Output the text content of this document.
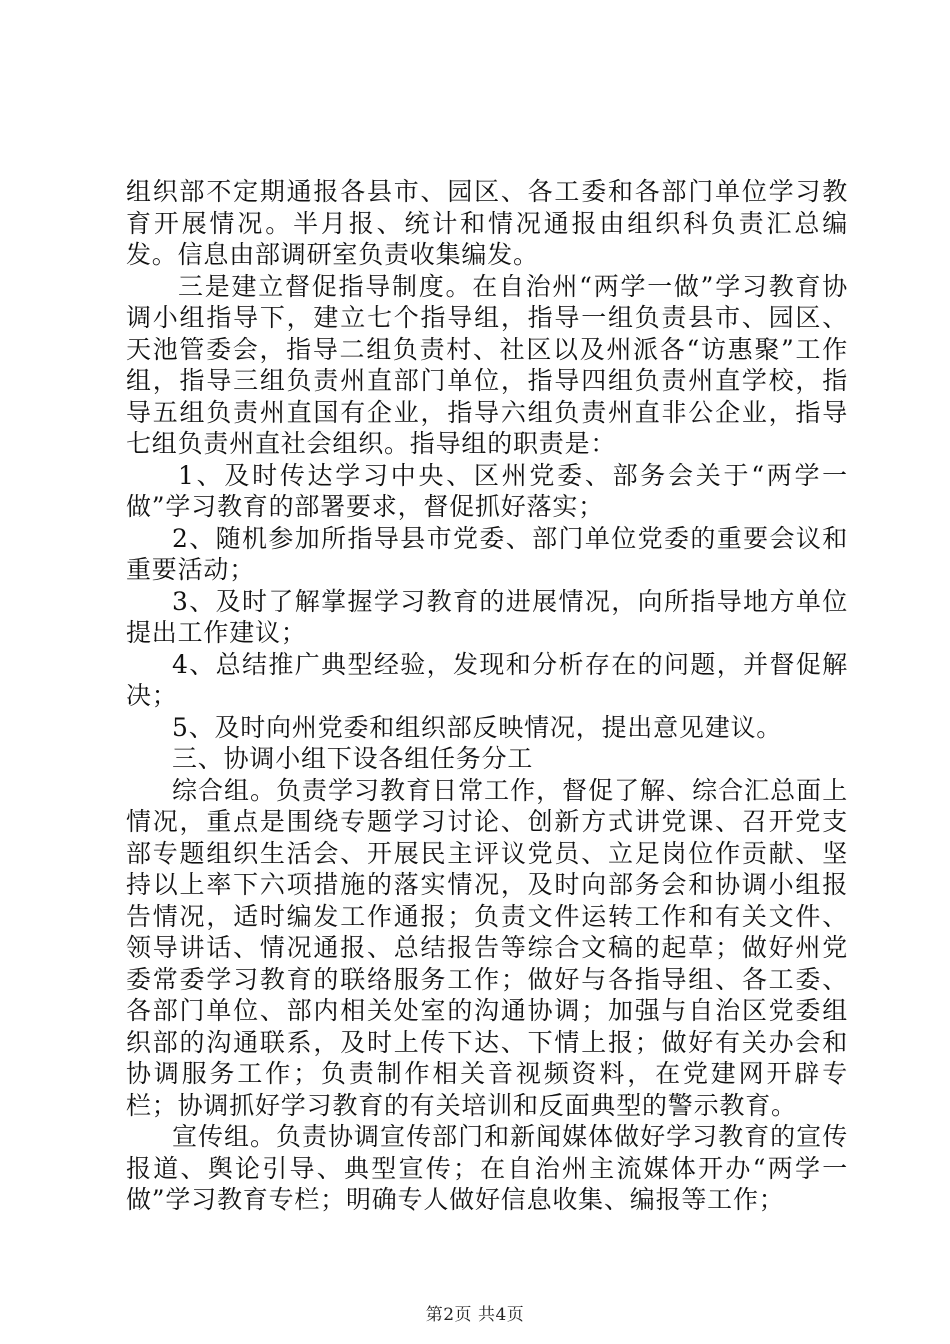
组织部不定期通报各县市、园区、各工委和各部门单位学习教育开展情况。半月报、统计和情况通报由组织科负责汇总编发。信息由部调研室负责收集编发。

三是建立督促指导制度。在自治州“两学一做”学习教育协调小组指导下，建立七个指导组，指导一组负责县市、园区、天池管委会，指导二组负责村、社区以及州派各“访惠聚”工作组，指导三组负责州直部门单位，指导四组负责州直学校，指导五组负责州直国有企业，指导六组负责州直非公企业，指导七组负责州直社会组织。指导组的职责是：

1、及时传达学习中央、区州党委、部务会关于“两学一做”学习教育的部署要求，督促抓好落实；

2、随机参加所指导县市党委、部门单位党委的重要会议和重要活动；

3、及时了解掌握学习教育的进展情况，向所指导地方单位提出工作建议；

4、总结推广典型经验，发现和分析存在的问题，并督促解决；

5、及时向州党委和组织部反映情况，提出意见建议。

三、协调小组下设各组任务分工

综合组。负责学习教育日常工作，督促了解、综合汇总面上情况，重点是围绕专题学习讨论、创新方式讲党课、召开党支部专题组织生活会、开展民主评议党员、立足岗位作贡献、坚持以上率下六项措施的落实情况，及时向部务会和协调小组报告情况，适时编发工作通报；负责文件运转工作和有关文件、领导讲话、情况通报、总结报告等综合文稿的起草；做好州党委常委学习教育的联络服务工作；做好与各指导组、各工委、各部门单位、部内相关处室的沟通协调；加强与自治区党委组织部的沟通联系，及时上传下达、下情上报；做好有关办会和协调服务工作；负责制作相关音视频资料，在党建网开辟专栏；协调抓好学习教育的有关培训和反面典型的警示教育。

宣传组。负责协调宣传部门和新闻媒体做好学习教育的宣传报道、舆论引导、典型宣传；在自治州主流媒体开办“两学一做”学习教育专栏；明确专人做好信息收集、编报等工作；

第2页 共4页
